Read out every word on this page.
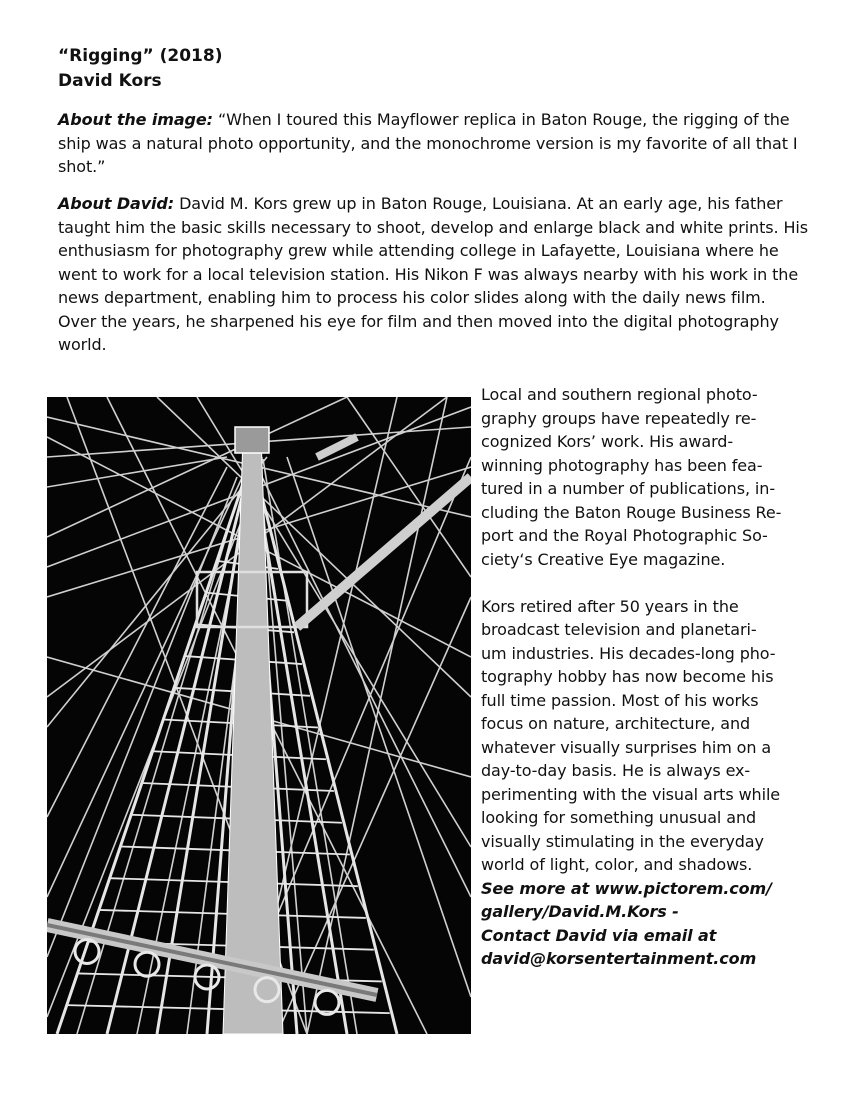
“Rigging” (2018)
David Kors

About the image: “When I toured this Mayflower replica in Baton Rouge, the rigging of the ship was a natural photo opportunity, and the monochrome version is my favorite of all that I shot.”

About David: David M. Kors grew up in Baton Rouge, Louisiana. At an early age, his father taught him the basic skills necessary to shoot, develop and enlarge black and white prints. His enthusiasm for photography grew while attending college in Lafayette, Louisiana where he went to work for a local television station. His Nikon F was always nearby with his work in the news department, enabling him to process his color slides along with the daily news film. Over the years, he sharpened his eye for film and then moved into the digital photography world.

Local and southern regional photo-

graphy groups have repeatedly re-

cognized Kors’ work. His award-

winning photography has been fea-

tured in a number of publications, in-

cluding the Baton Rouge Business Re-

port and the Royal Photographic So-

ciety‘s Creative Eye magazine.

Kors retired after 50 years in the

broadcast television and planetari-

um industries. His decades-long pho-

tography hobby has now become his

full time passion. Most of his works

focus on nature, architecture, and

whatever visually surprises him on a

day-to-day basis. He is always ex-

perimenting with the visual arts while

looking for something unusual and

visually stimulating in the everyday

world of light, color, and shadows.

See more at www.pictorem.com/

gallery/David.M.Kors -

Contact David via email at

david@korsentertainment.com
